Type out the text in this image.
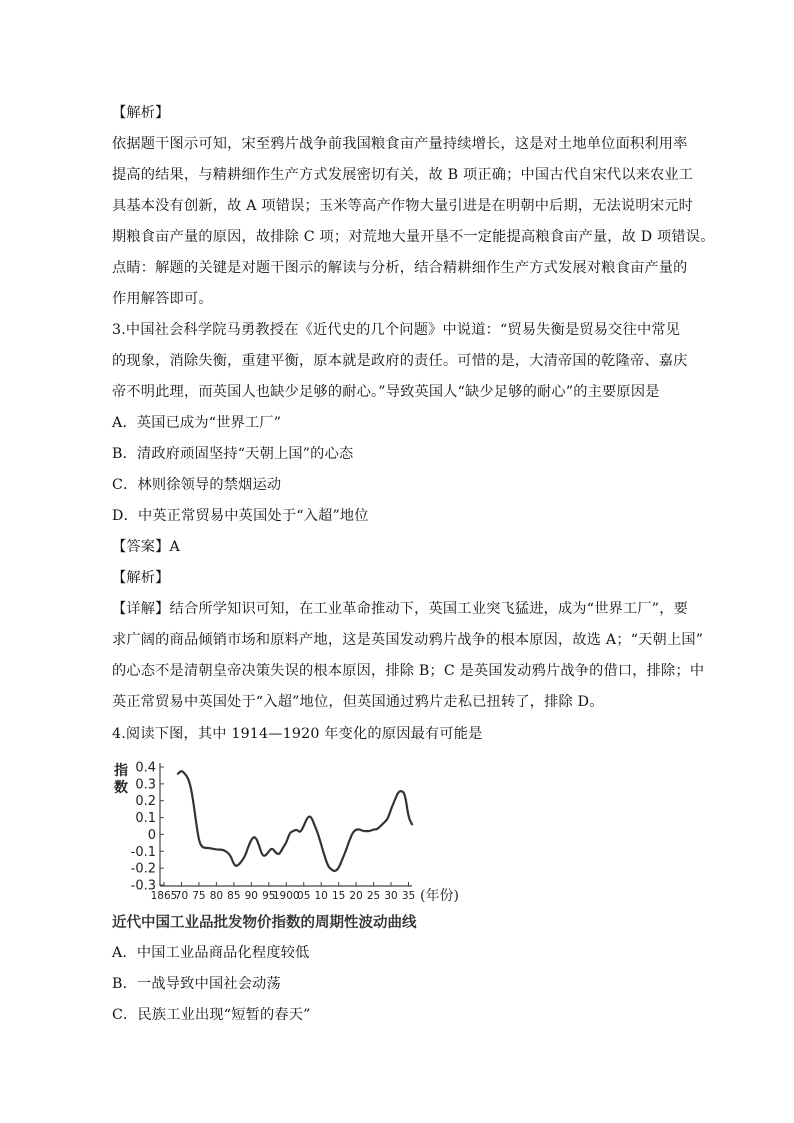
【解析】
依据题干图示可知，宋至鸦片战争前我国粮食亩产量持续增长，这是对土地单位面积利用率
提高的结果，与精耕细作生产方式发展密切有关，故 B 项正确；中国古代自宋代以来农业工
具基本没有创新，故 A 项错误；玉米等高产作物大量引进是在明朝中后期，无法说明宋元时
期粮食亩产量的原因，故排除 C 项；对荒地大量开垦不一定能提高粮食亩产量，故 D 项错误。
点睛：解题的关键是对题干图示的解读与分析，结合精耕细作生产方式发展对粮食亩产量的
作用解答即可。
3.中国社会科学院马勇教授在《近代史的几个问题》中说道：“贸易失衡是贸易交往中常见
的现象，消除失衡，重建平衡，原本就是政府的责任。可惜的是，大清帝国的乾隆帝、嘉庆
帝不明此理，而英国人也缺少足够的耐心。”导致英国人“缺少足够的耐心”的主要原因是
A．英国已成为“世界工厂”
B．清政府顽固坚持“天朝上国”的心态
C．林则徐领导的禁烟运动
D．中英正常贸易中英国处于“入超”地位
【答案】A
【解析】
【详解】结合所学知识可知，在工业革命推动下，英国工业突飞猛进，成为“世界工厂”，要
求广阔的商品倾销市场和原料产地，这是英国发动鸦片战争的根本原因，故选 A；“天朝上国”
的心态不是清朝皇帝决策失误的根本原因，排除 B；C 是英国发动鸦片战争的借口，排除；中
英正常贸易中英国处于“入超”地位，但英国通过鸦片走私已扭转了，排除 D。
4.阅读下图，其中 1914—1920 年变化的原因最有可能是
0.4
0.3
0.2
0.1
0
-0.1
-0.2
-0.3
指
数
1865
70 75 80 85 90 95
1900
05 10 15 20 25 30 35 (年份)
近代中国工业品批发物价指数的周期性波动曲线
A．中国工业品商品化程度较低
B．一战导致中国社会动荡
C．民族工业出现“短暂的春天”
